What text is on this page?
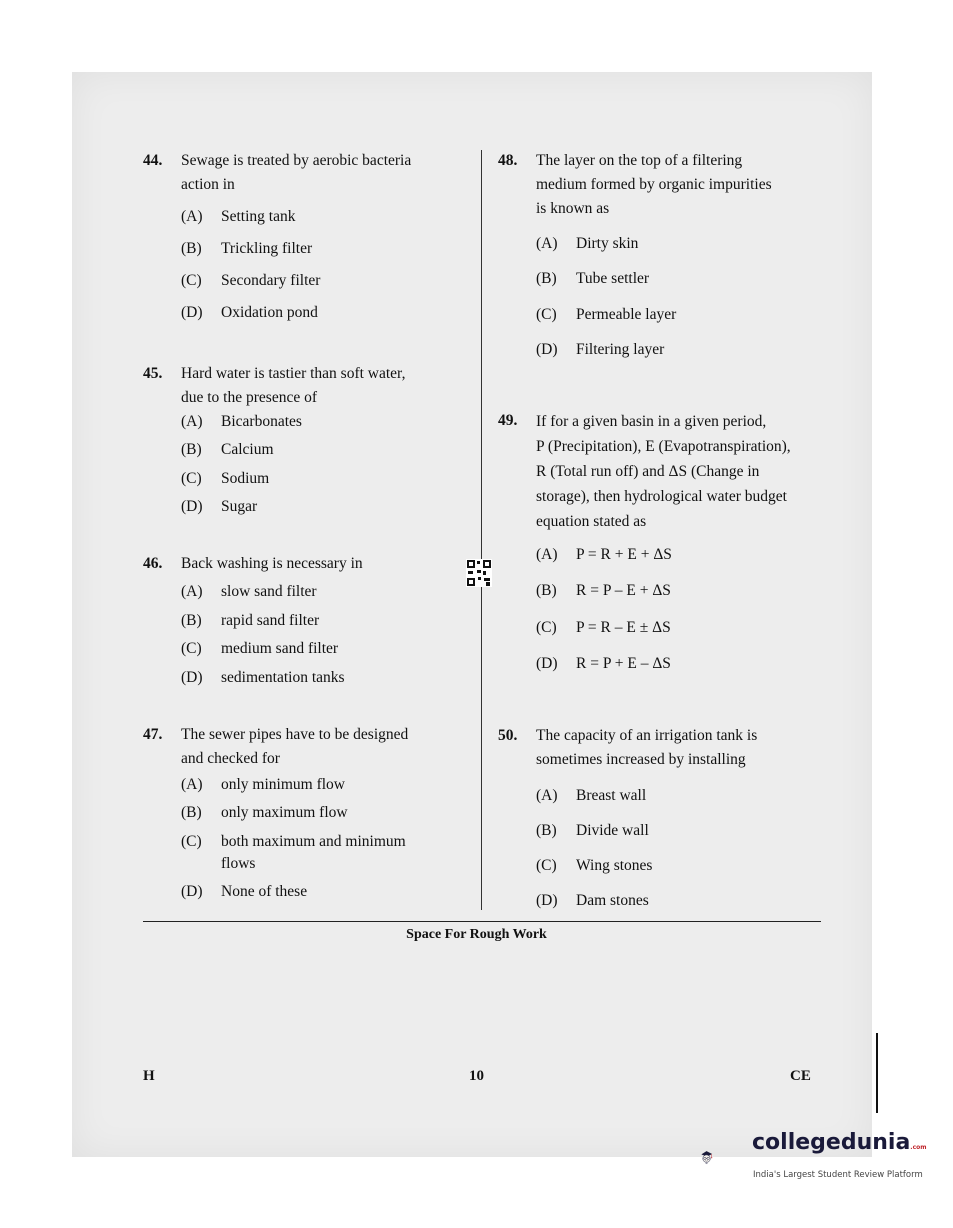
44. Sewage is treated by aerobic bacteria
action in
(A) Setting tank
(B) Trickling filter
(C) Secondary filter
(D) Oxidation pond
45. Hard water is tastier than soft water,
due to the presence of
(A) Bicarbonates
(B) Calcium
(C) Sodium
(D) Sugar
46. Back washing is necessary in
(A) slow sand filter
(B) rapid sand filter
(C) medium sand filter
(D) sedimentation tanks
47. The sewer pipes have to be designed
and checked for
(A) only minimum flow
(B) only maximum flow
(C) both maximum and minimum
flows
(D) None of these
48. The layer on the top of a filtering
medium formed by organic impurities
is known as
(A) Dirty skin
(B) Tube settler
(C) Permeable layer
(D) Filtering layer
49. If for a given basin in a given period,
P (Precipitation), E (Evapotranspiration),
R (Total run off) and ΔS (Change in
storage), then hydrological water budget
equation stated as
(A) P = R + E + ΔS
(B) R = P – E + ΔS
(C) P = R – E ± ΔS
(D) R = P + E – ΔS
50. The capacity of an irrigation tank is
sometimes increased by installing
(A) Breast wall
(B) Divide wall
(C) Wing stones
(D) Dam stones
Space For Rough Work
H	10	CE
collegedunia.com
India's Largest Student Review Platform
